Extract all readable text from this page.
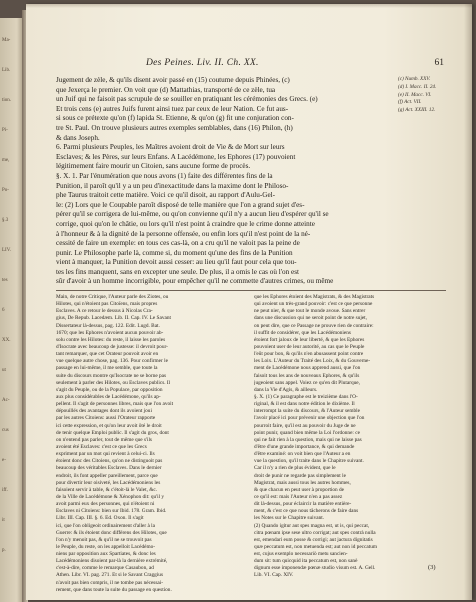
Ma-
Lib.
tion.
Pi-
me,
Po-
§.3
LIV.
tes
6
XX.
ut
Ac-
cus
e-
iff.
it
p.
Des Peines. Liv. II. Ch. XX.	61
Jugement de zèle, & qu'ils disent avoir passé en (15) coutume depuis Phinées, (c)
que Jexerça le premier. On voit que (d) Mattathias, transporté de ce zèle, tua
un Juif qui ne faisoit pas scrupule de se souiller en pratiquant les cérémonies des Grecs. (e)
Et trois cens (e) autres Juifs furent ainsi tuez par ceux de leur Nation. Ce fut aus-
si sous ce prétexte qu'on (f) lapida St. Etienne, & qu'on (g) fit une conjuration con-
tre St. Paul. On trouve plusieurs autres exemples semblables, dans (16) Philon, (h)
& dans Joseph.
6. Parmi plusieurs Peuples, les Maîtres avoient droit de Vie & de Mort sur leurs
Esclaves; & les Pères, sur leurs Enfans. A Lacédémone, les Ephores (17) pouvoient
légitimement faire mourir un Citoien, sans aucune forme de procès.
§. X. 1. Par l'énumération que nous avons (1) faite des différentes fins de la
Punition, il paroît qu'il y a un peu d'inexactitude dans la maxime dont le Philoso-
phe Taurus traitoit cette matière. Voici ce qu'il disoit, au rapport d'Aulu-Gel-
le: (2) Lors que le Coupable paroît disposé de telle manière que l'on a grand sujet d'es-
pérer qu'il se corrigera de lui-même, ou qu'on convienne qu'il n'y a aucun lieu d'espérer qu'il se
corrige, quoi qu'on le châtie, ou lors qu'il n'est point à craindre que le crime donne atteinte
à l'honneur & à la dignité de la personne offensée, ou enfin lors qu'il n'est point de la né-
cessité de faire un exemple: en tous ces cas-là, on a cru qu'il ne valoit pas la peine de
punir. Le Philosophe parle là, comme si, du moment qu'une des fins de la Punition
vient à manquer, la Punition devoit aussi cesser: au lieu qu'il faut pour cela que tou-
tes les fins manquent, sans en excepter une seule. De plus, il a omis le cas où l'on est
sûr d'avoir à un homme incorrigible, pour empêcher qu'il ne commette d'autres crimes, ou même
(c) Numb. XXV.
(d) I. Macc. II. 24.
(e) II. Macc. VI.
(f) Act. VII.
(g) Act. XXIII. 12.
Main, de notre Critique, l'Auteur parle des Ziotes, ou
Hilotes, qui n'étoient pas Citoïens, mais propres
Esclaves. A ce retour le dessus à Nicolas Cra-
gius, De Repub. Lacedæm. Lib. II. Cap. IV. Le Savant
Dissertateur là-dessus, pag. 122. Edit. Lugd. Bat.
1670; que les Ephores n'avoient aucun pouvoir ab-
solu contre les Hilotes: du reste, il laisse les paroles
d'Isocrate avec beaucoup de justesse: il devroit pour-
tant remarquer, que cet Orateur pouvoit avoir en
vue quelque autre chose, pag. 136. Pour confirmer le
passage en lui-même, il me semble, que toute la
suite du discours montre qu'Isocrate ne se borne pas
seulement à parler des Hilotes, ou Esclaves publics. Il
s'agit du Peuple, ou de la Populace, par opposition
aux plus considérables de Lacédémone, qu'ils ap-
pellent. Il s'agit de personnes libres, mais que l'on avoit
dépouillés des avantages dont ils avoient joui
par les autres Citoiens: aussi l'Orateur rapporte
ici cette expression, et qu'on leur avoit ôté le droit
de tenir quelque Emploi public. Il s'agit du gros, dont
on n'entend pas parler, tout de même que s'ils
avoient été Esclaves: c'est ce que les Grecs
expriment par un mot qui revient à celui-ci. Ils
étoient donc des Citoiens, qu'on ne distinguoit pas
beaucoup des véritables Esclaves. Dans le dernier
endroit, ils font appeller pareillement, parce que
pour divertir leur oisiveté, les Lacédémoniens les
faisoient servir à table, & c'étoit-là le Valet, &c.
de la Ville de Lacédémone & Xénophon dit: qu'il y
avoit parmi eux des personnes, qui n'étoient ni
Esclaves ni Citoiens: bien sur Ibid. 178. Gram. Ibid.
Libr. III. Cap. III. §. 6. Ed. Oxon. Il s'agit
ici, que l'on obligeoit ordinairement d'aller à la
Guerre: & ils étoient donc différens des Hilotes, que
l'on n'y menoit pas, & qu'il ne se trouvoit pas
le Peuple, du reste, on les appelloit Lacédémo-
niens par opposition aux Spartiates, & donc les
Lacédémoniens disoient par-là la dernière extrémité,
c'est-à-dire, comme le remarque Casaubon, ad
Athen. Libr. VI. pag. 271. Et si le Savant Craggius
n'avoit pas bien compris, il ne tombe pas nécessai-
rement, que dans toute la suite du passage en question.
que les Ephores étoient des Magistrats, & des Magistrats
qui avoient un très-grand pouvoir: c'est ce que personne
ne peut nier, & que tout le monde avoue. Sans entrer
dans une discussion qui ne seroit point de notre sujet,
on peut dire, que ce Passage ne prouve rien de contraire:
il suffit de considérer, que les Lacédémoniens
étoient fort jaloux de leur liberté, & que les Ephores
pouvoient user de leur autorité, au cas que le Peuple
l'eût pour bon, & qu'ils n'en abusassent point contre
les Loix. L'Auteur du Traité des Loix, & du Gouverne-
ment de Lacédémone nous apprend aussi, que l'on
faisoit tous les ans de nouveaux Ephores, & qu'ils
jugeoient sans appel. Voiez ce qu'en dit Plutarque,
dans la Vie d'Agis, & ailleurs.
§. X. (1) Ce paragraphe est le treizième dans l'O-
riginal, & il est dans notre édition le dixième. Il
interrompt la suite du discours, & l'Auteur semble
l'avoir placé ici pour prévenir une objection que l'on
pourroit faire, qu'il est au pouvoir du Juge de ne
point punir, quand bien même la Loi l'ordonne: ce
qui ne fait rien à la question, mais qui ne laisse pas
d'être d'une grande importance, & qui demande
d'être examiné: on voit bien que l'Auteur a en
vue la question, qu'il traite dans le Chapitre suivant.
Car il n'y a rien de plus évident, que le
droit de punir ne regarde pas simplement le
Magistrat, mais aussi tous les autres hommes,
& que chacun en peut user à proportion de
ce qu'il est: mais l'Auteur n'en a pas assez
dit là-dessus, pour éclaircir la matière entière-
ment, & c'est ce que nous tâcherons de faire dans
les Notes sur le Chapitre suivant.
(2) Quando igitur aut spes magna est, ut is, qui peccat,
citra pœnam ipse sese ultro corrigat; aut spes contrà nulla
est, emendari eum posse & corrigi; aut jactura dignitatis
quæ peccatum est, non metuenda est; aut non id peccatum
est, cujus exemplo necessariò metu sancien-
dum sit: tum quicquid ita peccatum est, non sanè
dignum esse imponendæ pœnæ studio visum est. A. Gell.
Lib. VI. Cap. XIV.
(3)
